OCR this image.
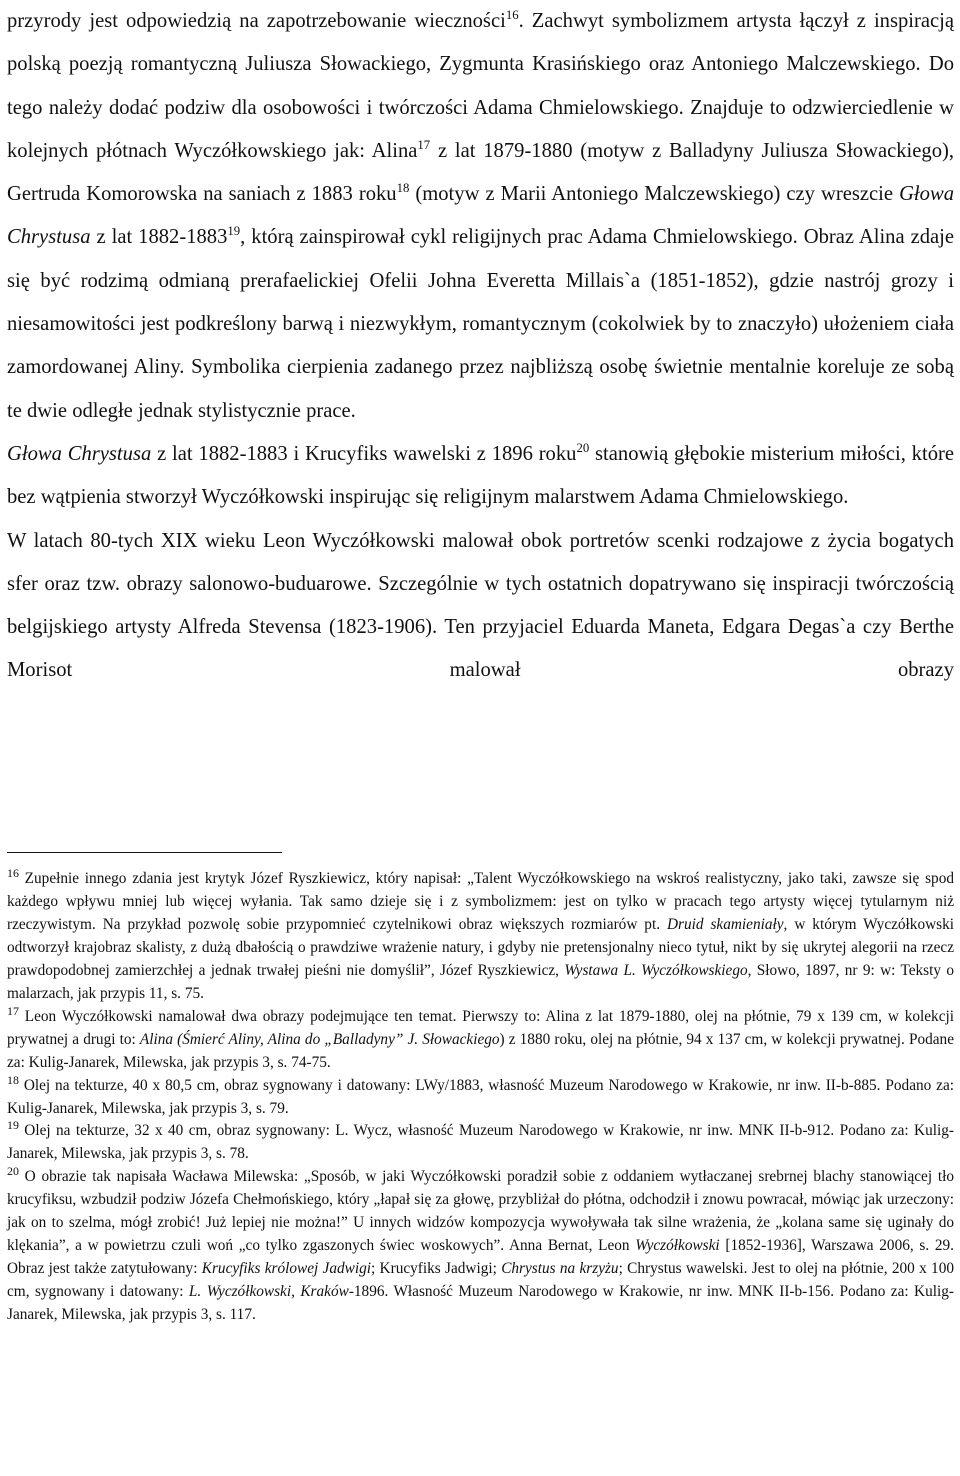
przyrody jest odpowiedzią na zapotrzebowanie wieczności$^{16}$. Zachwyt symbolizmem artysta łączył z inspiracją polską poezją romantyczną Juliusza Słowackiego, Zygmunta Krasińskiego oraz Antoniego Malczewskiego. Do tego należy dodać podziw dla osobowości i twórczości Adama Chmielowskiego. Znajduje to odzwierciedlenie w kolejnych płótnach Wyczółkowskiego jak: Alina$^{17}$ z lat 1879-1880 (motyw z Balladyny Juliusza Słowackiego), Gertruda Komorowska na saniach z 1883 roku$^{18}$ (motyw z Marii Antoniego Malczewskiego) czy wreszcie Głowa Chrystusa z lat 1882-1883$^{19}$, którą zainspirował cykl religijnych prac Adama Chmielowskiego. Obraz Alina zdaje się być rodzimą odmianą prerafaelickiej Ofelii Johna Everetta Millais`a (1851-1852), gdzie nastrój grozy i niesamowitości jest podkreślony barwą i niezwykłym, romantycznym (cokolwiek by to znaczyło) ułożeniem ciała zamordowanej Aliny. Symbolika cierpienia zadanego przez najbliższą osobę świetnie mentalnie koreluje ze sobą te dwie odległe jednak stylistycznie prace.

Głowa Chrystusa z lat 1882-1883 i Krucyfiks wawelski z 1896 roku$^{20}$ stanowią głębokie misterium miłości, które bez wątpienia stworzył Wyczółkowski inspirując się religijnym malarstwem Adama Chmielowskiego.

W latach 80-tych XIX wieku Leon Wyczółkowski malował obok portretów scenki rodzajowe z życia bogatych sfer oraz tzw. obrazy salonowo-buduarowe. Szczególnie w tych ostatnich dopatrywano się inspiracji twórczością belgijskiego artysty Alfreda Stevensa (1823-1906). Ten przyjaciel Eduarda Maneta, Edgara Degas`a czy Berthe Morisot malował obrazy

$^{16}$ Zupełnie innego zdania jest krytyk Józef Ryszkiewicz, który napisał: „Talent Wyczółkowskiego na wskroś realistyczny, jako taki, zawsze się spod każdego wpływu mniej lub więcej wyłania. Tak samo dzieje się i z symbolizmem: jest on tylko w pracach tego artysty więcej tytularnym niż rzeczywistym. Na przykład pozwolę sobie przypomnieć czytelnikowi obraz większych rozmiarów pt. Druid skamieniały, w którym Wyczółkowski odtworzył krajobraz skalisty, z dużą dbałością o prawdziwe wrażenie natury, i gdyby nie pretensjonalny nieco tytuł, nikt by się ukrytej alegorii na rzecz prawdopodobnej zamierzchłej a jednak trwałej pieśni nie domyślił”, Józef Ryszkiewicz, Wystawa L. Wyczółkowskiego, Słowo, 1897, nr 9: w: Teksty o malarzach, jak przypis 11, s. 75.

$^{17}$ Leon Wyczółkowski namalował dwa obrazy podejmujące ten temat. Pierwszy to: Alina z lat 1879-1880, olej na płótnie, 79 x 139 cm, w kolekcji prywatnej a drugi to: Alina (Śmierć Aliny, Alina do „Balladyny” J. Słowackiego) z 1880 roku, olej na płótnie, 94 x 137 cm, w kolekcji prywatnej. Podane za: Kulig-Janarek, Milewska, jak przypis 3, s. 74-75.

$^{18}$ Olej na tekturze, 40 x 80,5 cm, obraz sygnowany i datowany: LWy/1883, własność Muzeum Narodowego w Krakowie, nr inw. II-b-885. Podano za: Kulig-Janarek, Milewska, jak przypis 3, s. 79.

$^{19}$ Olej na tekturze, 32 x 40 cm, obraz sygnowany: L. Wycz, własność Muzeum Narodowego w Krakowie, nr inw. MNK II-b-912. Podano za: Kulig-Janarek, Milewska, jak przypis 3, s. 78.

$^{20}$ O obrazie tak napisała Wacława Milewska: „Sposób, w jaki Wyczółkowski poradził sobie z oddaniem wytłaczanej srebrnej blachy stanowiącej tło krucyfiksu, wzbudził podziw Józefa Chełmońskiego, który „łapał się za głowę, przybliżał do płótna, odchodził i znowu powracał, mówiąc jak urzeczony: jak on to szelma, mógł zrobić! Już lepiej nie można!” U innych widzów kompozycja wywoływała tak silne wrażenia, że „kolana same się uginały do klękania”, a w powietrzu czuli woń „co tylko zgaszonych świec woskowych”. Anna Bernat, Leon Wyczółkowski [1852-1936], Warszawa 2006, s. 29. Obraz jest także zatytułowany: Krucyfiks królowej Jadwigi; Krucyfiks Jadwigi; Chrystus na krzyżu; Chrystus wawelski. Jest to olej na płótnie, 200 x 100 cm, sygnowany i datowany: L. Wyczółkowski, Kraków-1896. Własność Muzeum Narodowego w Krakowie, nr inw. MNK II-b-156. Podano za: Kulig-Janarek, Milewska, jak przypis 3, s. 117.
